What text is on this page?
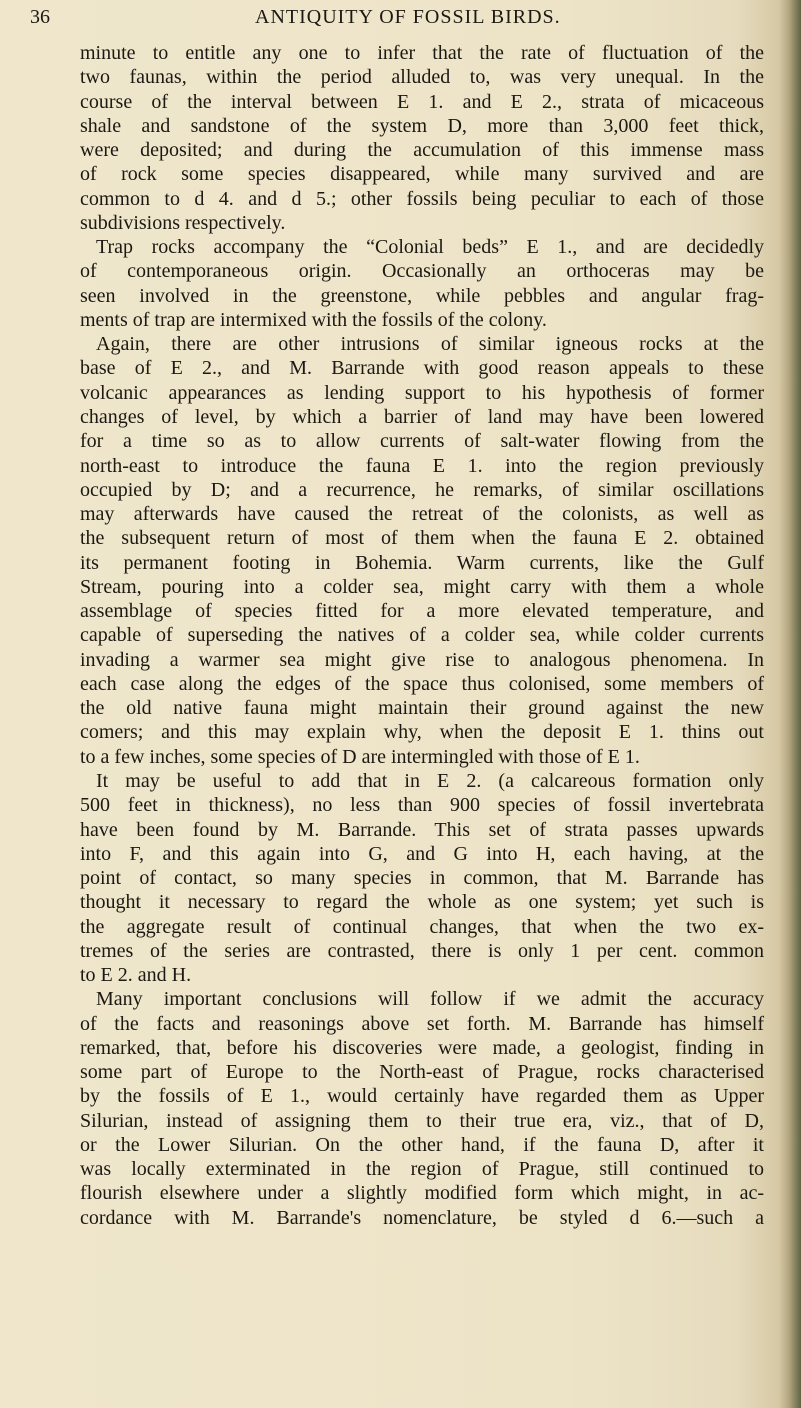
36	ANTIQUITY OF FOSSIL BIRDS.
minute to entitle any one to infer that the rate of fluctuation of the
two faunas, within the period alluded to, was very unequal. In the
course of the interval between E 1. and E 2., strata of micaceous
shale and sandstone of the system D, more than 3,000 feet thick,
were deposited; and during the accumulation of this immense mass
of rock some species disappeared, while many survived and are
common to d 4. and d 5.; other fossils being peculiar to each of those
subdivisions respectively.
Trap rocks accompany the “Colonial beds” E 1., and are decidedly
of contemporaneous origin. Occasionally an orthoceras may be
seen involved in the greenstone, while pebbles and angular frag-
ments of trap are intermixed with the fossils of the colony.
Again, there are other intrusions of similar igneous rocks at the
base of E 2., and M. Barrande with good reason appeals to these
volcanic appearances as lending support to his hypothesis of former
changes of level, by which a barrier of land may have been lowered
for a time so as to allow currents of salt-water flowing from the
north-east to introduce the fauna E 1. into the region previously
occupied by D; and a recurrence, he remarks, of similar oscillations
may afterwards have caused the retreat of the colonists, as well as
the subsequent return of most of them when the fauna E 2. obtained
its permanent footing in Bohemia. Warm currents, like the Gulf
Stream, pouring into a colder sea, might carry with them a whole
assemblage of species fitted for a more elevated temperature, and
capable of superseding the natives of a colder sea, while colder currents
invading a warmer sea might give rise to analogous phenomena. In
each case along the edges of the space thus colonised, some members of
the old native fauna might maintain their ground against the new
comers; and this may explain why, when the deposit E 1. thins out
to a few inches, some species of D are intermingled with those of E 1.
It may be useful to add that in E 2. (a calcareous formation only
500 feet in thickness), no less than 900 species of fossil invertebrata
have been found by M. Barrande. This set of strata passes upwards
into F, and this again into G, and G into H, each having, at the
point of contact, so many species in common, that M. Barrande has
thought it necessary to regard the whole as one system; yet such is
the aggregate result of continual changes, that when the two ex-
tremes of the series are contrasted, there is only 1 per cent. common
to E 2. and H.
Many important conclusions will follow if we admit the accuracy
of the facts and reasonings above set forth. M. Barrande has himself
remarked, that, before his discoveries were made, a geologist, finding in
some part of Europe to the North-east of Prague, rocks characterised
by the fossils of E 1., would certainly have regarded them as Upper
Silurian, instead of assigning them to their true era, viz., that of D,
or the Lower Silurian. On the other hand, if the fauna D, after it
was locally exterminated in the region of Prague, still continued to
flourish elsewhere under a slightly modified form which might, in ac-
cordance with M. Barrande's nomenclature, be styled d 6.—such a
